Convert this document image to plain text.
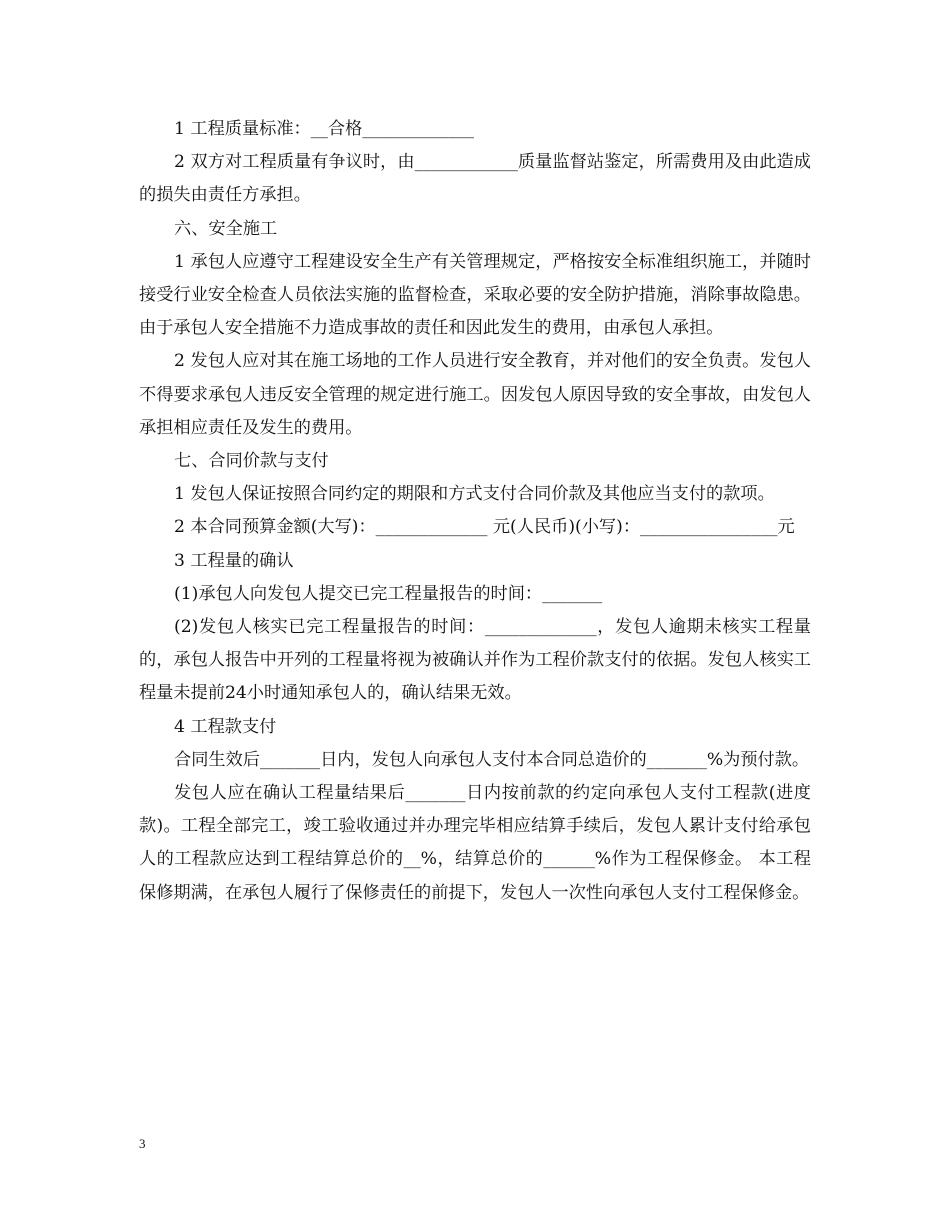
1 工程质量标准：__合格_____________

2 双方对工程质量有争议时，由____________质量监督站鉴定，所需费用及由此造成的损失由责任方承担。

六、安全施工

1 承包人应遵守工程建设安全生产有关管理规定，严格按安全标准组织施工，并随时接受行业安全检查人员依法实施的监督检查，采取必要的安全防护措施，消除事故隐患。由于承包人安全措施不力造成事故的责任和因此发生的费用，由承包人承担。

2 发包人应对其在施工场地的工作人员进行安全教育，并对他们的安全负责。发包人不得要求承包人违反安全管理的规定进行施工。因发包人原因导致的安全事故，由发包人承担相应责任及发生的费用。

七、合同价款与支付

1 发包人保证按照合同约定的期限和方式支付合同价款及其他应当支付的款项。

2 本合同预算金额(大写)：_____________ 元(人民币)(小写)：________________元

3 工程量的确认

(1)承包人向发包人提交已完工程量报告的时间：_______

(2)发包人核实已完工程量报告的时间：_____________，发包人逾期未核实工程量的，承包人报告中开列的工程量将视为被确认并作为工程价款支付的依据。发包人核实工程量未提前24小时通知承包人的，确认结果无效。

4 工程款支付

合同生效后_______日内，发包人向承包人支付本合同总造价的_______%为预付款。

发包人应在确认工程量结果后_______日内按前款的约定向承包人支付工程款(进度款)。工程全部完工，竣工验收通过并办理完毕相应结算手续后，发包人累计支付给承包人的工程款应达到工程结算总价的__%，结算总价的______%作为工程保修金。 本工程保修期满，在承包人履行了保修责任的前提下，发包人一次性向承包人支付工程保修金。

3
